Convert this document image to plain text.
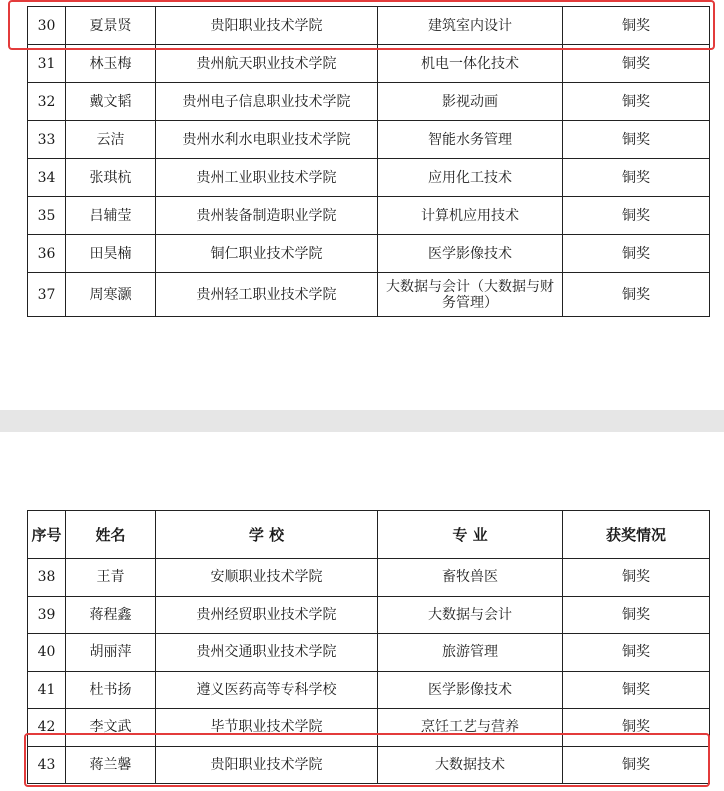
30	夏景贤	贵阳职业技术学院	建筑室内设计	铜奖
31	林玉梅	贵州航天职业技术学院	机电一体化技术	铜奖
32	戴文韬	贵州电子信息职业技术学院	影视动画	铜奖
33	云洁	贵州水利水电职业技术学院	智能水务管理	铜奖
34	张琪杭	贵州工业职业技术学院	应用化工技术	铜奖
35	吕辅莹	贵州装备制造职业学院	计算机应用技术	铜奖
36	田昊楠	铜仁职业技术学院	医学影像技术	铜奖
37	周寒灏	贵州轻工职业技术学院	大数据与会计（大数据与财务管理）	铜奖
序号	姓名	学 校	专 业	获奖情况
38	王青	安顺职业技术学院	畜牧兽医	铜奖
39	蒋程鑫	贵州经贸职业技术学院	大数据与会计	铜奖
40	胡丽萍	贵州交通职业技术学院	旅游管理	铜奖
41	杜书扬	遵义医药高等专科学校	医学影像技术	铜奖
42	李文武	毕节职业技术学院	烹饪工艺与营养	铜奖
43	蒋兰馨	贵阳职业技术学院	大数据技术	铜奖
